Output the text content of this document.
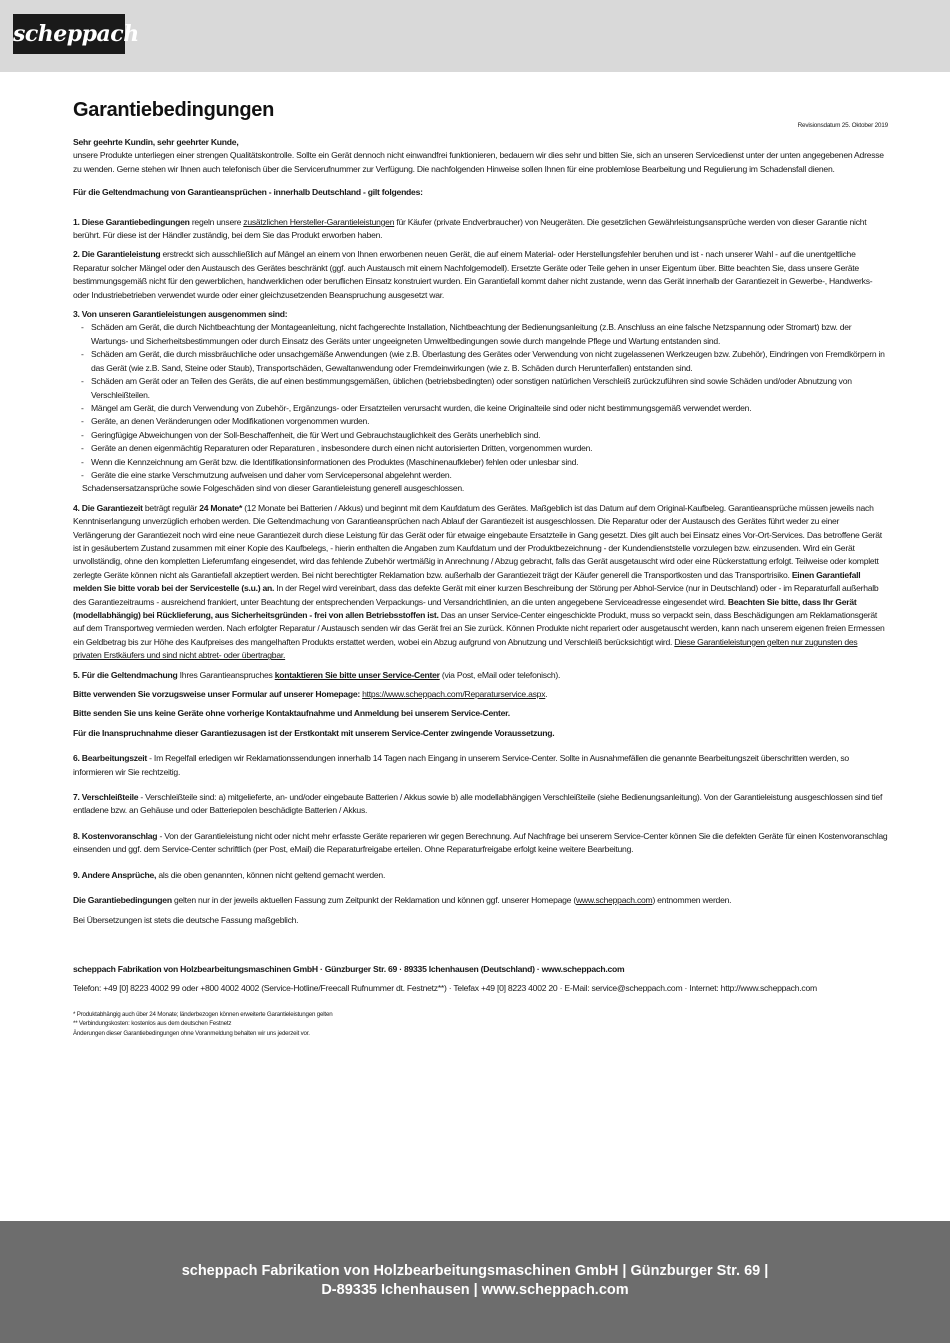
scheppach
Garantiebedingungen
Revisionsdatum 25. Oktober 2019

Sehr geehrte Kundin, sehr geehrter Kunde,

unsere Produkte unterliegen einer strengen Qualitätskontrolle. Sollte ein Gerät dennoch nicht einwandfrei funktionieren, bedauern wir dies sehr und bitten Sie, sich an unseren Servicedienst unter der unten angegebenen Adresse zu wenden. Gerne stehen wir Ihnen auch telefonisch über die Servicerufnummer zur Verfügung. Die nachfolgenden Hinweise sollen Ihnen für eine problemlose Bearbeitung und Regulierung im Schadensfall dienen.

Für die Geltendmachung von Garantieansprüchen - innerhalb Deutschland - gilt folgendes:

1. Diese Garantiebedingungen regeln unsere zusätzlichen Hersteller-Garantieleistungen für Käufer (private Endverbraucher) von Neugeräten. Die gesetzlichen Gewährleistungsansprüche werden von dieser Garantie nicht berührt. Für diese ist der Händler zuständig, bei dem Sie das Produkt erworben haben.

2. Die Garantieleistung erstreckt sich ausschließlich auf Mängel an einem von Ihnen erworbenen neuen Gerät, die auf einem Material- oder Herstellungsfehler beruhen und ist - nach unserer Wahl - auf die unentgeltliche Reparatur solcher Mängel oder den Austausch des Gerätes beschränkt (ggf. auch Austausch mit einem Nachfolgemodell). Ersetzte Geräte oder Teile gehen in unser Eigentum über. Bitte beachten Sie, dass unsere Geräte bestimmungsgemäß nicht für den gewerblichen, handwerklichen oder beruflichen Einsatz konstruiert wurden. Ein Garantiefall kommt daher nicht zustande, wenn das Gerät innerhalb der Garantiezeit in Gewerbe-, Handwerks- oder Industriebetrieben verwendet wurde oder einer gleichzusetzenden Beanspruchung ausgesetzt war.

3. Von unseren Garantieleistungen ausgenommen sind:

- Schäden am Gerät, die durch Nichtbeachtung der Montageanleitung, nicht fachgerechte Installation, Nichtbeachtung der Bedienungsanleitung (z.B. Anschluss an eine falsche Netzspannung oder Stromart) bzw. der Wartungs- und Sicherheitsbestimmungen oder durch Einsatz des Geräts unter ungeeigneten Umweltbedingungen sowie durch mangelnde Pflege und Wartung entstanden sind.
- Schäden am Gerät, die durch missbräuchliche oder unsachgemäße Anwendungen (wie z.B. Überlastung des Gerätes oder Verwendung von nicht zugelassenen Werkzeugen bzw. Zubehör), Eindringen von Fremdkörpern in das Gerät (wie z.B. Sand, Steine oder Staub), Transportschäden, Gewaltanwendung oder Fremdeinwirkungen (wie z. B. Schäden durch Herunterfallen) entstanden sind.
- Schäden am Gerät oder an Teilen des Geräts, die auf einen bestimmungsgemäßen, üblichen (betriebsbedingten) oder sonstigen natürlichen Verschleiß zurückzuführen sind sowie Schäden und/oder Abnutzung von Verschleißteilen.
- Mängel am Gerät, die durch Verwendung von Zubehör-, Ergänzungs- oder Ersatzteilen verursacht wurden, die keine Originalteile sind oder nicht bestimmungsgemäß verwendet werden.
- Geräte, an denen Veränderungen oder Modifikationen vorgenommen wurden.
- Geringfügige Abweichungen von der Soll-Beschaffenheit, die für Wert und Gebrauchstauglichkeit des Geräts unerheblich sind.
- Geräte an denen eigenmächtig Reparaturen oder Reparaturen , insbesondere durch einen nicht autorisierten Dritten, vorgenommen wurden.
- Wenn die Kennzeichnung am Gerät bzw. die Identifikationsinformationen des Produktes (Maschinenaufkleber) fehlen oder unlesbar sind.
- Geräte die eine starke Verschmutzung aufweisen und daher vom Servicepersonal abgelehnt werden.

Schadensersatzansprüche sowie Folgeschäden sind von dieser Garantieleistung generell ausgeschlossen.

4. Die Garantiezeit beträgt regulär 24 Monate* (12 Monate bei Batterien / Akkus) und beginnt mit dem Kaufdatum des Gerätes. Maßgeblich ist das Datum auf dem Original-Kaufbeleg. Garantieansprüche müssen jeweils nach Kenntniserlangung unverzüglich erhoben werden. Die Geltendmachung von Garantieansprüchen nach Ablauf der Garantiezeit ist ausgeschlossen. Die Reparatur oder der Austausch des Gerätes führt weder zu einer Verlängerung der Garantiezeit noch wird eine neue Garantiezeit durch diese Leistung für das Gerät oder für etwaige eingebaute Ersatzteile in Gang gesetzt. Dies gilt auch bei Einsatz eines Vor-Ort-Services. Das betroffene Gerät ist in gesäubertem Zustand zusammen mit einer Kopie des Kaufbelegs, - hierin enthalten die Angaben zum Kaufdatum und der Produktbezeichnung - der Kundendienststelle vorzulegen bzw. einzusenden. Wird ein Gerät unvollständig, ohne den kompletten Lieferumfang eingesendet, wird das fehlende Zubehör wertmäßig in Anrechnung / Abzug gebracht, falls das Gerät ausgetauscht wird oder eine Rückerstattung erfolgt. Teilweise oder komplett zerlegte Geräte können nicht als Garantiefall akzeptiert werden. Bei nicht berechtigter Reklamation bzw. außerhalb der Garantiezeit trägt der Käufer generell die Transportkosten und das Transportrisiko. Einen Garantiefall melden Sie bitte vorab bei der Servicestelle (s.u.) an. In der Regel wird vereinbart, dass das defekte Gerät mit einer kurzen Beschreibung der Störung per Abhol-Service (nur in Deutschland) oder - im Reparaturfall außerhalb des Garantiezeitraums - ausreichend frankiert, unter Beachtung der entsprechenden Verpackungs- und Versandrichtlinien, an die unten angegebene Serviceadresse eingesendet wird. Beachten Sie bitte, dass Ihr Gerät (modellabhängig) bei Rücklieferung, aus Sicherheitsgründen - frei von allen Betriebsstoffen ist. Das an unser Service-Center eingeschickte Produkt, muss so verpackt sein, dass Beschädigungen am Reklamationsgerät auf dem Transportweg vermieden werden. Nach erfolgter Reparatur / Austausch senden wir das Gerät frei an Sie zurück. Können Produkte nicht repariert oder ausgetauscht werden, kann nach unserem eigenen freien Ermessen ein Geldbetrag bis zur Höhe des Kaufpreises des mangelhaften Produkts erstattet werden, wobei ein Abzug aufgrund von Abnutzung und Verschleiß berücksichtigt wird. Diese Garantieleistungen gelten nur zugunsten des privaten Erstkäufers und sind nicht abtret- oder übertragbar.

5. Für die Geltendmachung Ihres Garantieanspruches kontaktieren Sie bitte unser Service-Center (via Post, eMail oder telefonisch).

Bitte verwenden Sie vorzugsweise unser Formular auf unserer Homepage: https://www.scheppach.com/Reparaturservice.aspx.

Bitte senden Sie uns keine Geräte ohne vorherige Kontaktaufnahme und Anmeldung bei unserem Service-Center.

Für die Inanspruchnahme dieser Garantiezusagen ist der Erstkontakt mit unserem Service-Center zwingende Voraussetzung.

6. Bearbeitungszeit - Im Regelfall erledigen wir Reklamationssendungen innerhalb 14 Tagen nach Eingang in unserem Service-Center. Sollte in Ausnahmefällen die genannte Bearbeitungszeit überschritten werden, so informieren wir Sie rechtzeitig.

7. Verschleißteile - Verschleißteile sind: a) mitgelieferte, an- und/oder eingebaute Batterien / Akkus sowie b) alle modellabhängigen Verschleißteile (siehe Bedienungsanleitung). Von der Garantieleistung ausgeschlossen sind tief entladene bzw. an Gehäuse und oder Batteriepolen beschädigte Batterien / Akkus.

8. Kostenvoranschlag - Von der Garantieleistung nicht oder nicht mehr erfasste Geräte reparieren wir gegen Berechnung. Auf Nachfrage bei unserem Service-Center können Sie die defekten Geräte für einen Kostenvoranschlag einsenden und ggf. dem Service-Center schriftlich (per Post, eMail) die Reparaturfreigabe erteilen. Ohne Reparaturfreigabe erfolgt keine weitere Bearbeitung.

9. Andere Ansprüche, als die oben genannten, können nicht geltend gemacht werden.

Die Garantiebedingungen gelten nur in der jeweils aktuellen Fassung zum Zeitpunkt der Reklamation und können ggf. unserer Homepage (www.scheppach.com) entnommen werden.

Bei Übersetzungen ist stets die deutsche Fassung maßgeblich.

scheppach Fabrikation von Holzbearbeitungsmaschinen GmbH · Günzburger Str. 69 · 89335 Ichenhausen (Deutschland) · www.scheppach.com

Telefon: +49 [0] 8223 4002 99 oder +800 4002 4002 (Service-Hotline/Freecall Rufnummer dt. Festnetz**) · Telefax +49 [0] 8223 4002 20 · E-Mail: service@scheppach.com · Internet: http://www.scheppach.com

* Produktabhängig auch über 24 Monate; länderbezogen können erweiterte Garantieleistungen gelten

** Verbindungskosten: kostenlos aus dem deutschen Festnetz

Änderungen dieser Garantiebedingungen ohne Voranmeldung behalten wir uns jederzeit vor.

scheppach Fabrikation von Holzbearbeitungsmaschinen GmbH | Günzburger Str. 69 |
D-89335 Ichenhausen | www.scheppach.com
